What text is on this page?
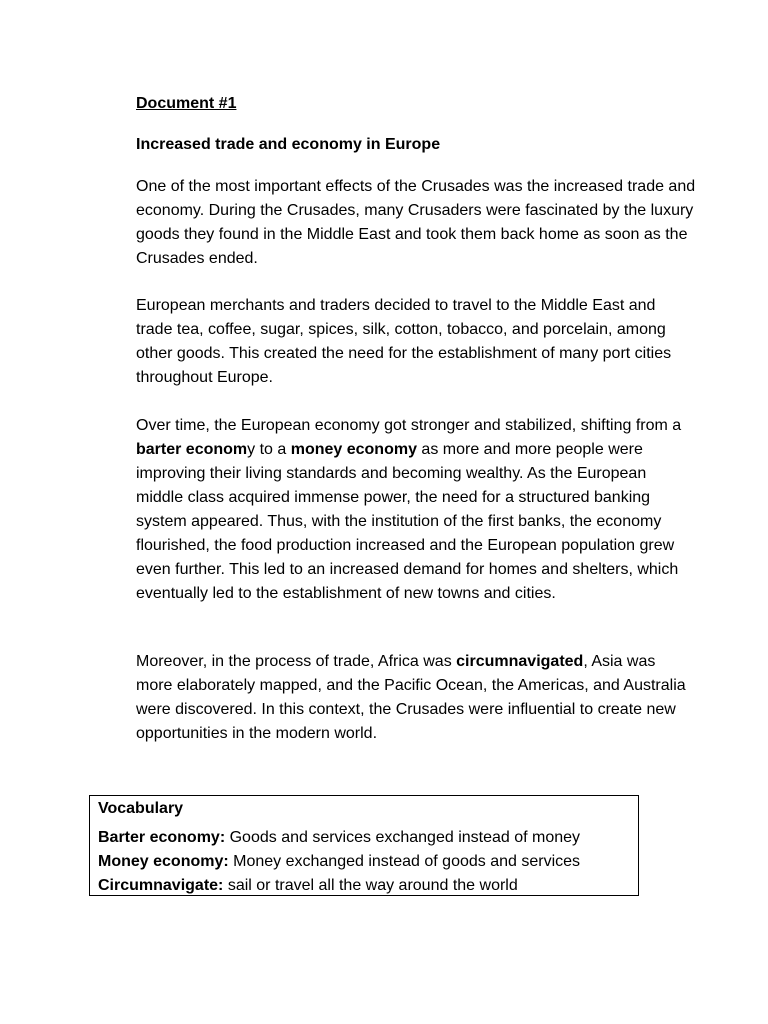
Document #1
Increased trade and economy in Europe

One of the most important effects of the Crusades was the increased trade and economy. During the Crusades, many Crusaders were fascinated by the luxury goods they found in the Middle East and took them back home as soon as the Crusades ended.

European merchants and traders decided to travel to the Middle East and trade tea, coffee, sugar, spices, silk, cotton, tobacco, and porcelain, among other goods. This created the need for the establishment of many port cities throughout Europe.

Over time, the European economy got stronger and stabilized, shifting from a barter economy to a money economy as more and more people were improving their living standards and becoming wealthy. As the European middle class acquired immense power, the need for a structured banking system appeared. Thus, with the institution of the first banks, the economy flourished, the food production increased and the European population grew even further. This led to an increased demand for homes and shelters, which eventually led to the establishment of new towns and cities.

Moreover, in the process of trade, Africa was circumnavigated, Asia was more elaborately mapped, and the Pacific Ocean, the Americas, and Australia were discovered. In this context, the Crusades were influential to create new opportunities in the modern world.

Vocabulary
Barter economy: Goods and services exchanged instead of money
Money economy: Money exchanged instead of goods and services
Circumnavigate: sail or travel all the way around the world
